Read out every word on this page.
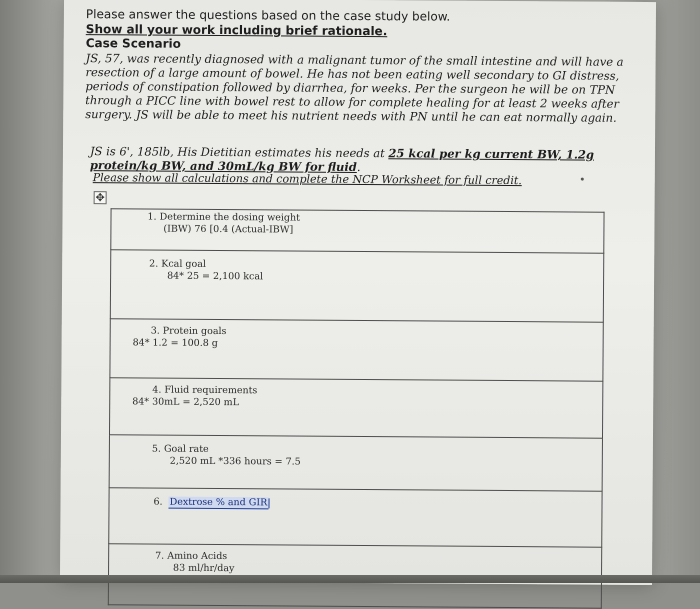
Please answer the questions based on the case study below.
Show all your work including brief rationale.
Case Scenario
JS, 57, was recently diagnosed with a malignant tumor of the small intestine and will have a resection of a large amount of bowel. He has not been eating well secondary to GI distress, periods of constipation followed by diarrhea, for weeks. Per the surgeon he will be on TPN through a PICC line with bowel rest to allow for complete healing for at least 2 weeks after surgery. JS will be able to meet his nutrient needs with PN until he can eat normally again.
JS is 6', 185lb, His Dietitian estimates his needs at 25 kcal per kg current BW, 1.2g protein/kg BW, and 30mL/kg BW for fluid.
Please show all calculations and complete the NCP Worksheet for full credit.
✥
1. Determine the dosing weight
(IBW) 76 [0.4 (Actual-IBW]

2. Kcal goal
84* 25 = 2,100 kcal

3. Protein goals
84* 1.2 = 100.8 g

4. Fluid requirements
84* 30mL = 2,520 mL

5. Goal rate
2,520 mL *336 hours = 7.5

6. Dextrose % and GIR

7. Amino Acids
83 ml/hr/day
